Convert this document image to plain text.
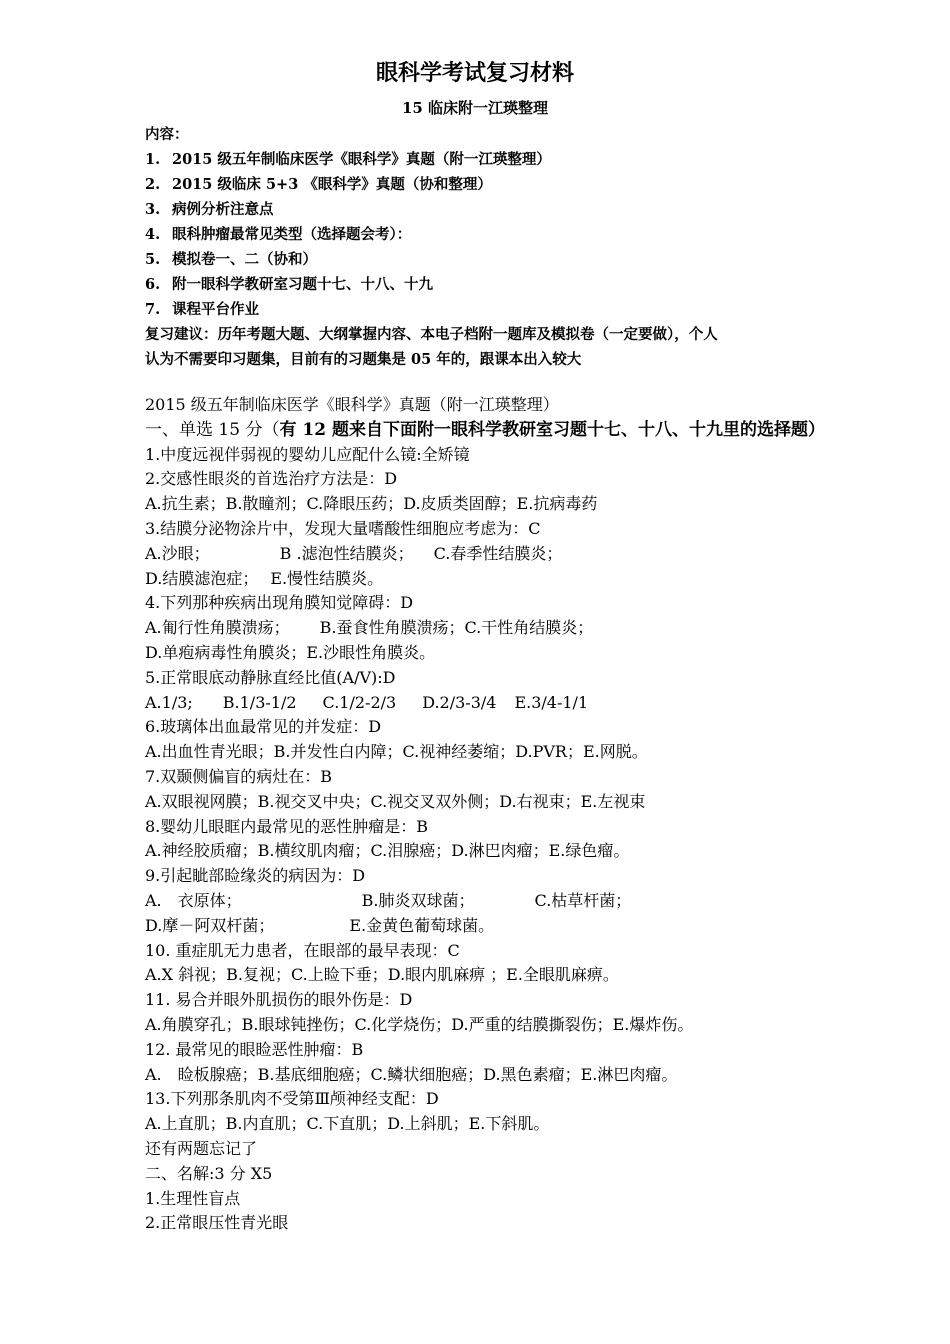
眼科学考试复习材料
15 临床附一江瑛整理
内容：
1. 2015 级五年制临床医学《眼科学》真题（附一江瑛整理）
2. 2015 级临床 5+3 《眼科学》真题（协和整理）
3. 病例分析注意点
4. 眼科肿瘤最常见类型（选择题会考）：
5. 模拟卷一、二（协和）
6. 附一眼科学教研室习题十七、十八、十九
7. 课程平台作业
复习建议：历年考题大题、大纲掌握内容、本电子档附一题库及模拟卷（一定要做），个人
认为不需要印习题集，目前有的习题集是 05 年的，跟课本出入较大
2015 级五年制临床医学《眼科学》真题（附一江瑛整理）
一、单选 15 分（有 12 题来自下面附一眼科学教研室习题十七、十八、十九里的选择题）
1.中度远视伴弱视的婴幼儿应配什么镜:全矫镜
2.交感性眼炎的首选治疗方法是：D
A.抗生素；B.散瞳剂；C.降眼压药；D.皮质类固醇；E.抗病毒药
3.结膜分泌物涂片中，发现大量嗜酸性细胞应考虑为：C
A.沙眼；	B .滤泡性结膜炎； C.春季性结膜炎；
D.结膜滤泡症； E.慢性结膜炎。
4.下列那种疾病出现角膜知觉障碍：D
A.匍行性角膜溃疡； B.蚕食性角膜溃疡；C.干性角结膜炎；
D.单疱病毒性角膜炎；E.沙眼性角膜炎。
5.正常眼底动静脉直经比值(A/V):D
A.1/3; B.1/3-1/2 C.1/2-2/3 D.2/3-3/4 E.3/4-1/1
6.玻璃体出血最常见的并发症：D
A.出血性青光眼；B.并发性白内障；C.视神经萎缩；D.PVR；E.网脱。
7.双颞侧偏盲的病灶在：B
A.双眼视网膜；B.视交叉中央；C.视交叉双外侧；D.右视束；E.左视束
8.婴幼儿眼眶内最常见的恶性肿瘤是：B
A.神经胶质瘤；B.横纹肌肉瘤；C.泪腺癌；D.淋巴肉瘤；E.绿色瘤。
9.引起眦部睑缘炎的病因为：D
A.　衣原体；	B.肺炎双球菌；	C.枯草杆菌；
D.摩－阿双杆菌；	E.金黄色葡萄球菌。
10. 重症肌无力患者，在眼部的最早表现：C
A.X 斜视；B.复视；C.上睑下垂；D.眼内肌麻痹 ；E.全眼肌麻痹。
11. 易合并眼外肌损伤的眼外伤是：D
A.角膜穿孔；B.眼球钝挫伤；C.化学烧伤；D.严重的结膜撕裂伤；E.爆炸伤。
12. 最常见的眼睑恶性肿瘤：B
A.　睑板腺癌；B.基底细胞癌；C.鳞状细胞癌；D.黑色素瘤；E.淋巴肉瘤。
13.下列那条肌肉不受第Ⅲ颅神经支配：D
A.上直肌；B.内直肌；C.下直肌；D.上斜肌；E.下斜肌。
还有两题忘记了
二、名解:3 分 X5
1.生理性盲点
2.正常眼压性青光眼
